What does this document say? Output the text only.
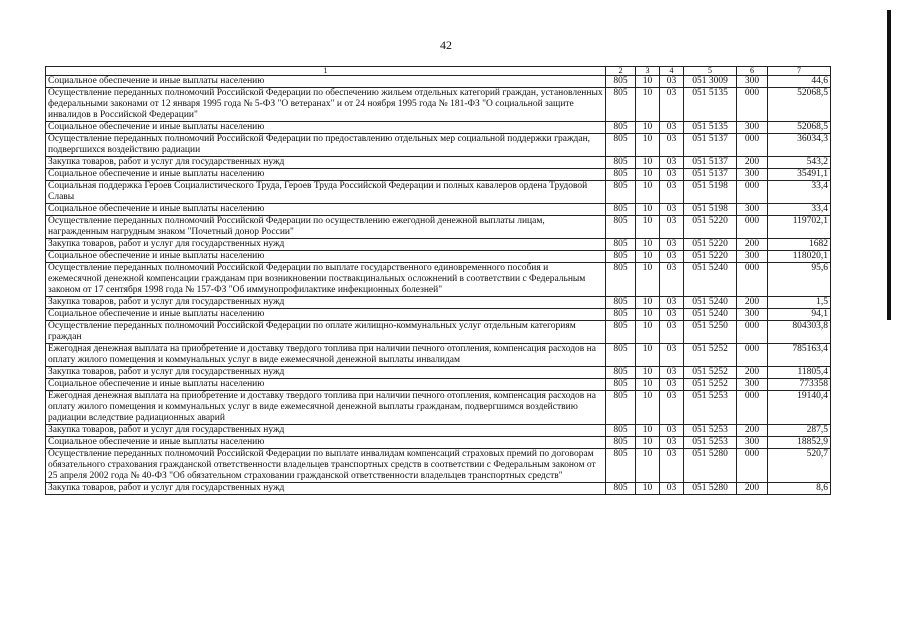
42
1	2	3	4	5	6	7
Социальное обеспечение и иные выплаты населению	805	10	03	051 3009	300	44,6
Осуществление переданных полномочий Российской Федерации по обеспечению жильем отдельных категорий граждан, установленных федеральными законами от 12 января 1995 года № 5-ФЗ "О ветеранах" и от 24 ноября 1995 года № 181-ФЗ "О социальной защите инвалидов в Российской Федерации"	805	10	03	051 5135	000	52068,5
Социальное обеспечение и иные выплаты населению	805	10	03	051 5135	300	52068,5
Осуществление переданных полномочий Российской Федерации по предоставлению отдельных мер социальной поддержки граждан, подвергшихся воздействию радиации	805	10	03	051 5137	000	36034,3
Закупка товаров, работ и услуг для государственных нужд	805	10	03	051 5137	200	543,2
Социальное обеспечение и иные выплаты населению	805	10	03	051 5137	300	35491,1
Социальная поддержка Героев Социалистического Труда, Героев Труда Российской Федерации и полных кавалеров ордена Трудовой Славы	805	10	03	051 5198	000	33,4
Социальное обеспечение и иные выплаты населению	805	10	03	051 5198	300	33,4
Осуществление переданных полномочий Российской Федерации по осуществлению ежегодной денежной выплаты лицам, награжденным нагрудным знаком "Почетный донор России"	805	10	03	051 5220	000	119702,1
Закупка товаров, работ и услуг для государственных нужд	805	10	03	051 5220	200	1682
Социальное обеспечение и иные выплаты населению	805	10	03	051 5220	300	118020,1
Осуществление переданных полномочий Российской Федерации по выплате государственного единовременного пособия и ежемесячной денежной компенсации гражданам при возникновении поствакцинальных осложнений в соответствии с Федеральным законом от 17 сентября 1998 года № 157-ФЗ "Об иммунопрофилактике инфекционных болезней"	805	10	03	051 5240	000	95,6
Закупка товаров, работ и услуг для государственных нужд	805	10	03	051 5240	200	1,5
Социальное обеспечение и иные выплаты населению	805	10	03	051 5240	300	94,1
Осуществление переданных полномочий Российской Федерации по оплате жилищно-коммунальных услуг отдельным категориям граждан	805	10	03	051 5250	000	804303,8
Ежегодная денежная выплата на приобретение и доставку твердого топлива при наличии печного отопления, компенсация расходов на оплату жилого помещения и коммунальных услуг в виде ежемесячной денежной выплаты инвалидам	805	10	03	051 5252	000	785163,4
Закупка товаров, работ и услуг для государственных нужд	805	10	03	051 5252	200	11805,4
Социальное обеспечение и иные выплаты населению	805	10	03	051 5252	300	773358
Ежегодная денежная выплата на приобретение и доставку твердого топлива при наличии печного отопления, компенсация расходов на оплату жилого помещения и коммунальных услуг в виде ежемесячной денежной выплаты гражданам, подвергшимся воздействию радиации вследствие радиационных аварий	805	10	03	051 5253	000	19140,4
Закупка товаров, работ и услуг для государственных нужд	805	10	03	051 5253	200	287,5
Социальное обеспечение и иные выплаты населению	805	10	03	051 5253	300	18852,9
Осуществление переданных полномочий Российской Федерации по выплате инвалидам компенсаций страховых премий по договорам обязательного страхования гражданской ответственности владельцев транспортных средств в соответствии с Федеральным законом от 25 апреля 2002 года № 40-ФЗ "Об обязательном страховании гражданской ответственности владельцев транспортных средств"	805	10	03	051 5280	000	520,7
Закупка товаров, работ и услуг для государственных нужд	805	10	03	051 5280	200	8,6
